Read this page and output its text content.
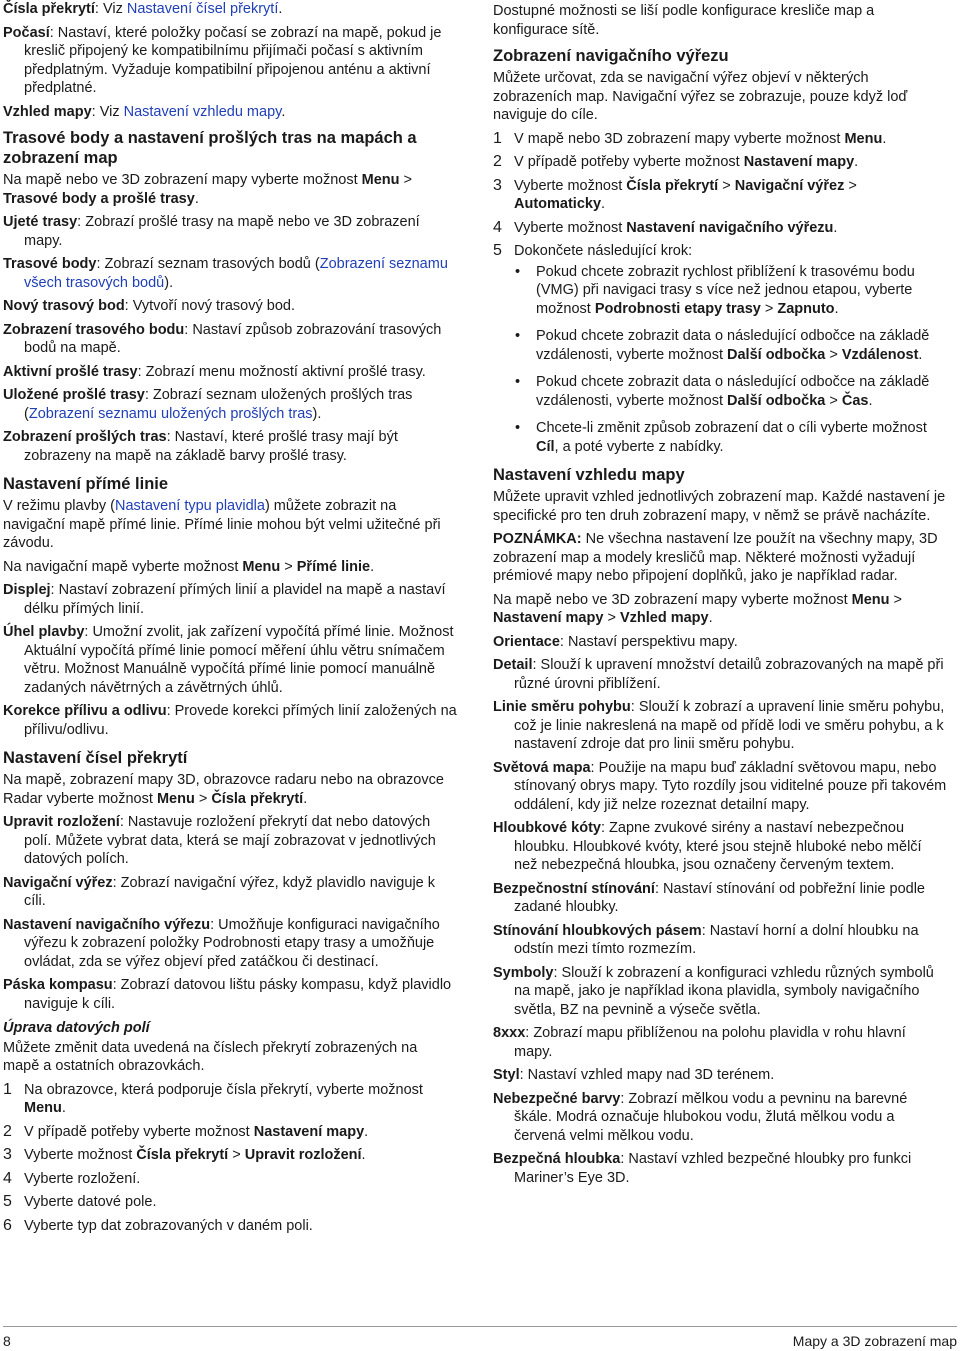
Čísla překrytí: Viz Nastavení čísel překrytí.

Počasí: Nastaví, které položky počasí se zobrazí na mapě, pokud je kreslič připojený ke kompatibilnímu přijímači počasí s aktivním předplatným. Vyžaduje kompatibilní připojenou anténu a aktivní předplatné.

Vzhled mapy: Viz Nastavení vzhledu mapy.

Trasové body a nastavení prošlých tras na mapách a zobrazení map

Na mapě nebo ve 3D zobrazení mapy vyberte možnost Menu > Trasové body a prošlé trasy.

Ujeté trasy: Zobrazí prošlé trasy na mapě nebo ve 3D zobrazení mapy.

Trasové body: Zobrazí seznam trasových bodů (Zobrazení seznamu všech trasových bodů).

Nový trasový bod: Vytvoří nový trasový bod.

Zobrazení trasového bodu: Nastaví způsob zobrazování trasových bodů na mapě.

Aktivní prošlé trasy: Zobrazí menu možností aktivní prošlé trasy.

Uložené prošlé trasy: Zobrazí seznam uložených prošlých tras (Zobrazení seznamu uložených prošlých tras).

Zobrazení prošlých tras: Nastaví, které prošlé trasy mají být zobrazeny na mapě na základě barvy prošlé trasy.

Nastavení přímé linie

V režimu plavby (Nastavení typu plavidla) můžete zobrazit na navigační mapě přímé linie. Přímé linie mohou být velmi užitečné při závodu.

Na navigační mapě vyberte možnost Menu > Přímé linie.

Displej: Nastaví zobrazení přímých linií a plavidel na mapě a nastaví délku přímých linií.

Úhel plavby: Umožní zvolit, jak zařízení vypočítá přímé linie. Možnost Aktuální vypočítá přímé linie pomocí měření úhlu větru snímačem větru. Možnost Manuálně vypočítá přímé linie pomocí manuálně zadaných návětrných a závětrných úhlů.

Korekce přílivu a odlivu: Provede korekci přímých linií založených na přílivu/odlivu.

Nastavení čísel překrytí

Na mapě, zobrazení mapy 3D, obrazovce radaru nebo na obrazovce Radar vyberte možnost Menu > Čísla překrytí.

Upravit rozložení: Nastavuje rozložení překrytí dat nebo datových polí. Můžete vybrat data, která se mají zobrazovat v jednotlivých datových polích.

Navigační výřez: Zobrazí navigační výřez, když plavidlo naviguje k cíli.

Nastavení navigačního výřezu: Umožňuje konfiguraci navigačního výřezu k zobrazení položky Podrobnosti etapy trasy a umožňuje ovládat, zda se výřez objeví před zatáčkou či destinací.

Páska kompasu: Zobrazí datovou lištu pásky kompasu, když plavidlo naviguje k cíli.

Úprava datových polí

Můžete změnit data uvedená na číslech překrytí zobrazených na mapě a ostatních obrazovkách.

1 Na obrazovce, která podporuje čísla překrytí, vyberte možnost Menu.
2 V případě potřeby vyberte možnost Nastavení mapy.
3 Vyberte možnost Čísla překrytí > Upravit rozložení.
4 Vyberte rozložení.
5 Vyberte datové pole.
6 Vyberte typ dat zobrazovaných v daném poli.

Dostupné možnosti se liší podle konfigurace kresliče map a konfigurace sítě.

Zobrazení navigačního výřezu

Můžete určovat, zda se navigační výřez objeví v některých zobrazeních map. Navigační výřez se zobrazuje, pouze když loď naviguje do cíle.

1 V mapě nebo 3D zobrazení mapy vyberte možnost Menu.
2 V případě potřeby vyberte možnost Nastavení mapy.
3 Vyberte možnost Čísla překrytí > Navigační výřez > Automaticky.
4 Vyberte možnost Nastavení navigačního výřezu.
5 Dokončete následující krok:
• Pokud chcete zobrazit rychlost přiblížení k trasovému bodu (VMG) při navigaci trasy s více než jednou etapou, vyberte možnost Podrobnosti etapy trasy > Zapnuto.
• Pokud chcete zobrazit data o následující odbočce na základě vzdálenosti, vyberte možnost Další odbočka > Vzdálenost.
• Pokud chcete zobrazit data o následující odbočce na základě vzdálenosti, vyberte možnost Další odbočka > Čas.
• Chcete-li změnit způsob zobrazení dat o cíli vyberte možnost Cíl, a poté vyberte z nabídky.
Nastavení vzhledu mapy

Můžete upravit vzhled jednotlivých zobrazení map. Každé nastavení je specifické pro ten druh zobrazení mapy, v němž se právě nacházíte.

POZNÁMKA: Ne všechna nastavení lze použít na všechny mapy, 3D zobrazení map a modely kresličů map. Některé možnosti vyžadují prémiové mapy nebo připojení doplňků, jako je například radar.

Na mapě nebo ve 3D zobrazení mapy vyberte možnost Menu > Nastavení mapy > Vzhled mapy.

Orientace: Nastaví perspektivu mapy.

Detail: Slouží k upravení množství detailů zobrazovaných na mapě při různé úrovni přiblížení.

Linie směru pohybu: Slouží k zobrazí a upravení linie směru pohybu, což je linie nakreslená na mapě od přídě lodi ve směru pohybu, a k nastavení zdroje dat pro linii směru pohybu.

Světová mapa: Použije na mapu buď základní světovou mapu, nebo stínovaný obrys mapy. Tyto rozdíly jsou viditelné pouze při takovém oddálení, kdy již nelze rozeznat detailní mapy.

Hloubkové kóty: Zapne zvukové sirény a nastaví nebezpečnou hloubku. Hloubkové kvóty, které jsou stejně hluboké nebo mělčí než nebezpečná hloubka, jsou označeny červeným textem.

Bezpečnostní stínování: Nastaví stínování od pobřežní linie podle zadané hloubky.

Stínování hloubkových pásem: Nastaví horní a dolní hloubku na odstín mezi tímto rozmezím.

Symboly: Slouží k zobrazení a konfiguraci vzhledu různých symbolů na mapě, jako je například ikona plavidla, symboly navigačního světla, BZ na pevnině a výseče světla.

8xxx: Zobrazí mapu přiblíženou na polohu plavidla v rohu hlavní mapy.

Styl: Nastaví vzhled mapy nad 3D terénem.

Nebezpečné barvy: Zobrazí mělkou vodu a pevninu na barevné škále. Modrá označuje hlubokou vodu, žlutá mělkou vodu a červená velmi mělkou vodu.

Bezpečná hloubka: Nastaví vzhled bezpečné hloubky pro funkci Mariner’s Eye 3D.

8	Mapy a 3D zobrazení map
